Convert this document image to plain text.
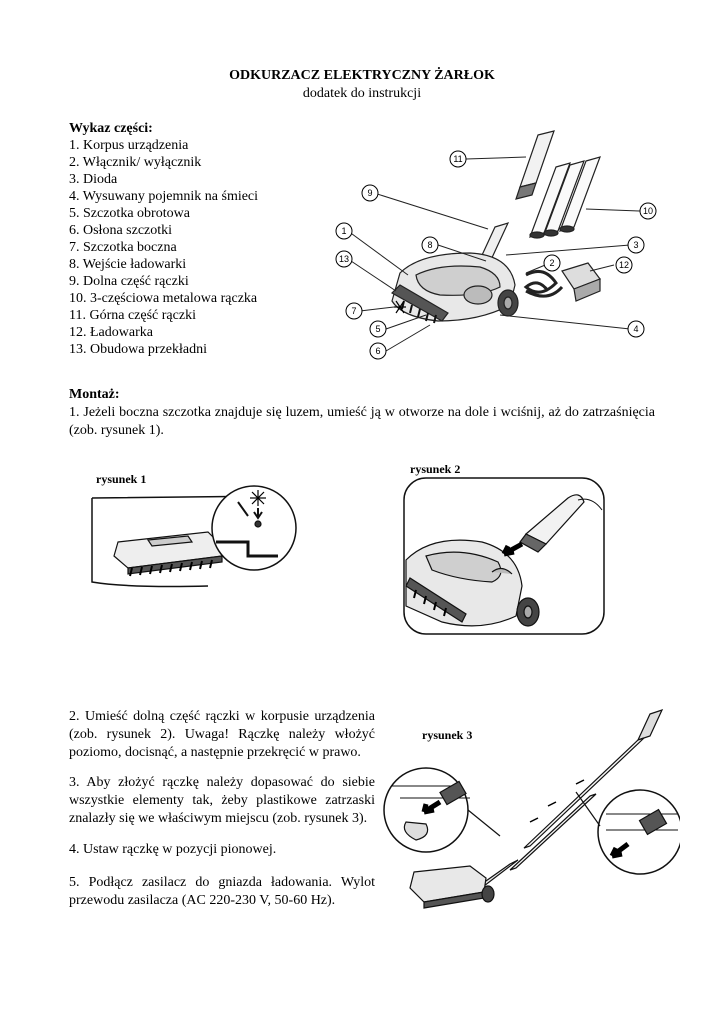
ODKURZACZ ELEKTRYCZNY ŻARŁOK
dodatek do instrukcji
Wykaz części:
1. Korpus urządzenia
2. Włącznik/ wyłącznik
3. Dioda
4. Wysuwany pojemnik na śmieci
5. Szczotka obrotowa
6. Osłona szczotki
7. Szczotka boczna
8. Wejście ładowarki
9. Dolna część rączki
10. 3-częściowa metalowa rączka
11. Górna część rączki
12. Ładowarka
13. Obudowa przekładni
11
9
8
1
13
7
5
6
2
3
12
4
10
Montaż:
1. Jeżeli boczna szczotka znajduje się luzem, umieść ją w otworze na dole i wciśnij, aż do zatrzaśnięcia (zob. rysunek 1).
rysunek 1
rysunek 2
2. Umieść dolną część rączki w korpusie urządzenia (zob. rysunek 2). Uwaga! Rączkę należy włożyć poziomo, docisnąć, a następnie przekręcić w prawo.
3. Aby złożyć rączkę należy dopasować do siebie wszystkie elementy tak, żeby plastikowe zatrzaski znalazły się we właściwym miejscu (zob. rysunek 3).
4. Ustaw rączkę w pozycji pionowej.
5. Podłącz zasilacz do gniazda ładowania. Wylot przewodu zasilacza (AC 220-230 V, 50-60 Hz).
rysunek 3
